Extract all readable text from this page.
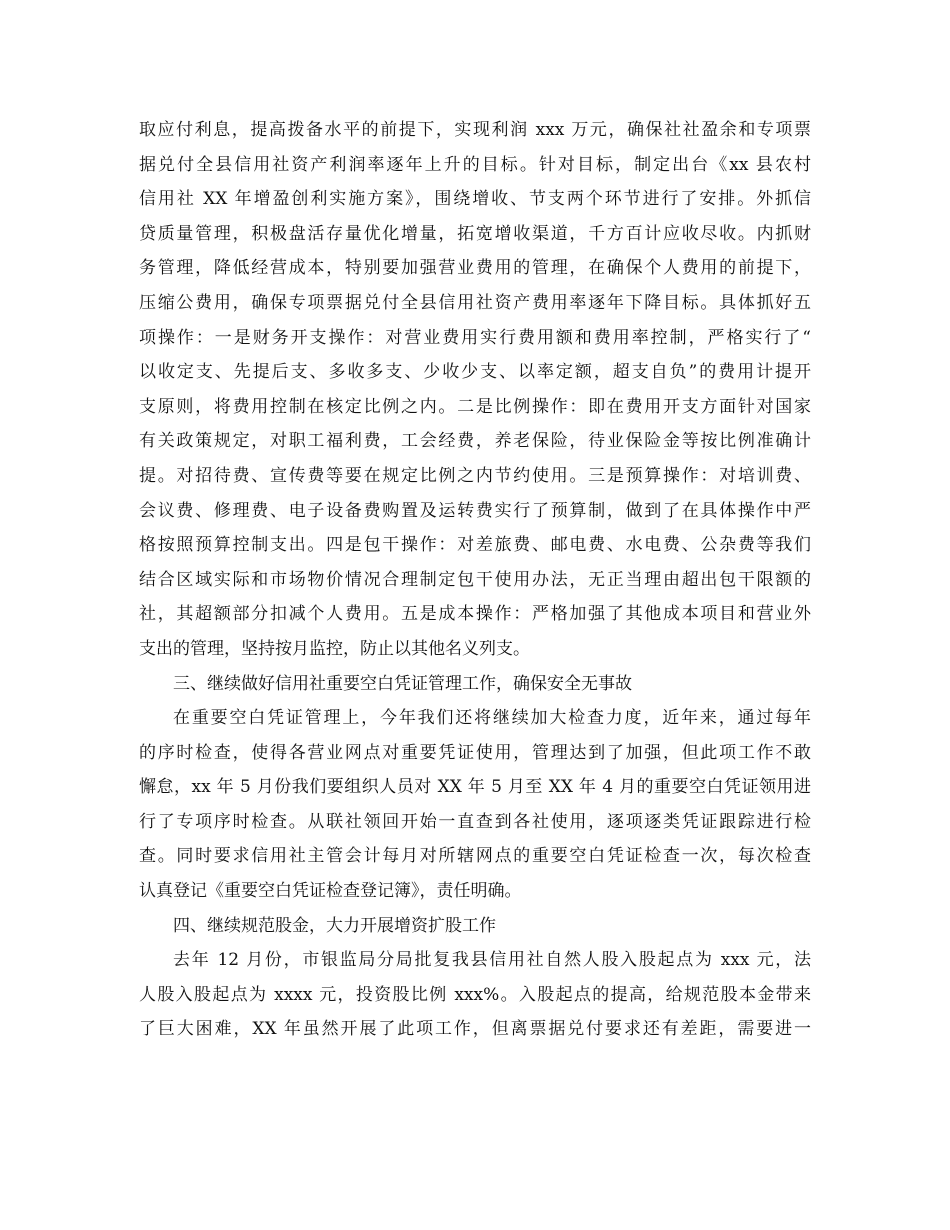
取应付利息，提高拨备水平的前提下，实现利润 xxx 万元，确保社社盈余和专项票
据兑付全县信用社资产利润率逐年上升的目标。针对目标，制定出台《xx 县农村
信用社 XX 年增盈创利实施方案》，围绕增收、节支两个环节进行了安排。外抓信
贷质量管理，积极盘活存量优化增量，拓宽增收渠道，千方百计应收尽收。内抓财
务管理，降低经营成本，特别要加强营业费用的管理，在确保个人费用的前提下，
压缩公费用，确保专项票据兑付全县信用社资产费用率逐年下降目标。具体抓好五
项操作：一是财务开支操作：对营业费用实行费用额和费用率控制，严格实行了“
以收定支、先提后支、多收多支、少收少支、以率定额，超支自负”的费用计提开
支原则，将费用控制在核定比例之内。二是比例操作：即在费用开支方面针对国家
有关政策规定，对职工福利费，工会经费，养老保险，待业保险金等按比例准确计
提。对招待费、宣传费等要在规定比例之内节约使用。三是预算操作：对培训费、
会议费、修理费、电子设备费购置及运转费实行了预算制，做到了在具体操作中严
格按照预算控制支出。四是包干操作：对差旅费、邮电费、水电费、公杂费等我们
结合区域实际和市场物价情况合理制定包干使用办法，无正当理由超出包干限额的
社，其超额部分扣减个人费用。五是成本操作：严格加强了其他成本项目和营业外
支出的管理，坚持按月监控，防止以其他名义列支。
三、继续做好信用社重要空白凭证管理工作，确保安全无事故
在重要空白凭证管理上，今年我们还将继续加大检查力度，近年来，通过每年
的序时检查，使得各营业网点对重要凭证使用，管理达到了加强，但此项工作不敢
懈怠，xx 年 5 月份我们要组织人员对 XX 年 5 月至 XX 年 4 月的重要空白凭证领用进
行了专项序时检查。从联社领回开始一直查到各社使用，逐项逐类凭证跟踪进行检
查。同时要求信用社主管会计每月对所辖网点的重要空白凭证检查一次，每次检查
认真登记《重要空白凭证检查登记簿》，责任明确。
四、继续规范股金，大力开展增资扩股工作
去年 12 月份，市银监局分局批复我县信用社自然人股入股起点为 xxx 元，法
人股入股起点为 xxxx 元，投资股比例 xxx%。入股起点的提高，给规范股本金带来
了巨大困难，XX 年虽然开展了此项工作，但离票据兑付要求还有差距，需要进一
